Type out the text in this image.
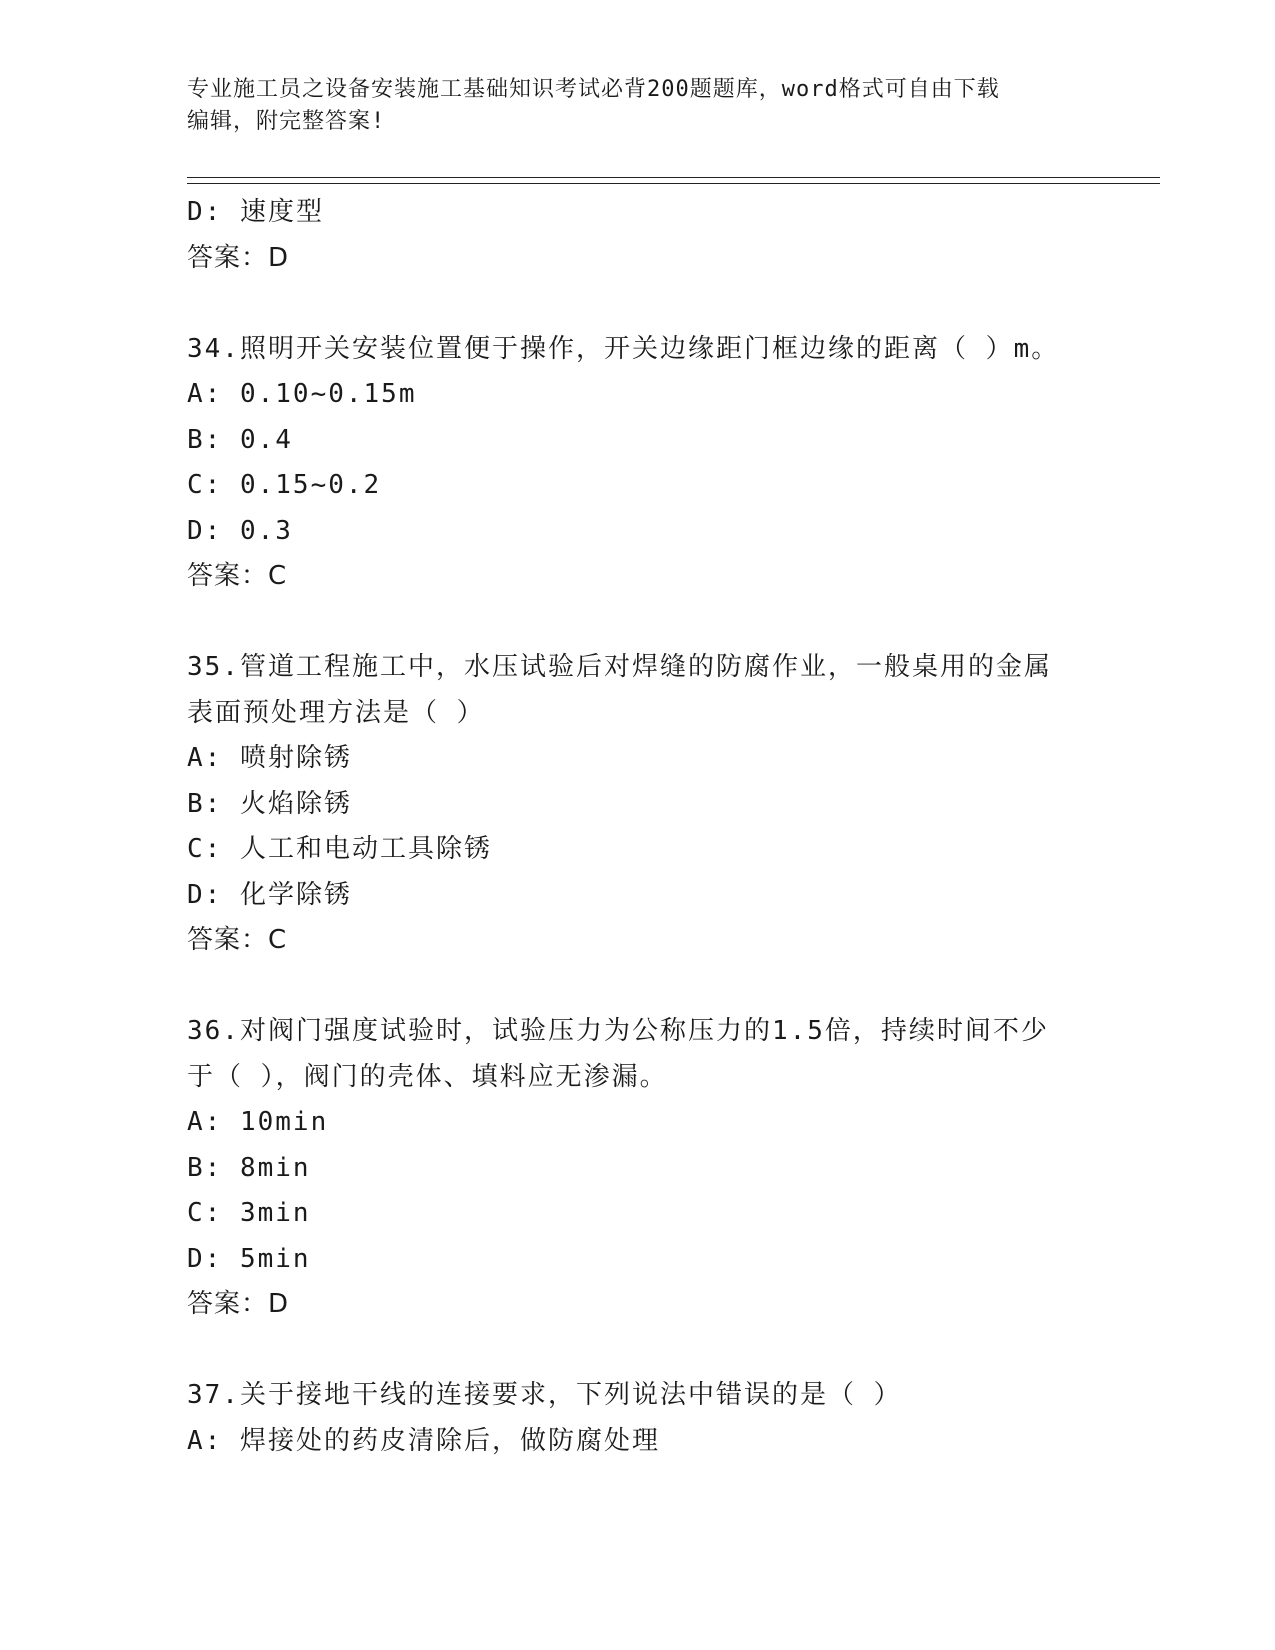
专业施工员之设备安装施工基础知识考试必背200题题库，word格式可自由下载
编辑，附完整答案!
D: 速度型
答案：D
34.照明开关安装位置便于操作，开关边缘距门框边缘的距离（ ）m。
A: 0.10~0.15m
B: 0.4
C: 0.15~0.2
D: 0.3
答案：C
35.管道工程施工中，水压试验后对焊缝的防腐作业，一般桌用的金属
表面预处理方法是（ ）
A: 喷射除锈
B: 火焰除锈
C: 人工和电动工具除锈
D: 化学除锈
答案：C
36.对阀门强度试验时，试验压力为公称压力的1.5倍，持续时间不少
于（ ），阀门的壳体、填料应无渗漏。
A: 10min
B: 8min
C: 3min
D: 5min
答案：D
37.关于接地干线的连接要求，下列说法中错误的是（ ）
A: 焊接处的药皮清除后，做防腐处理
